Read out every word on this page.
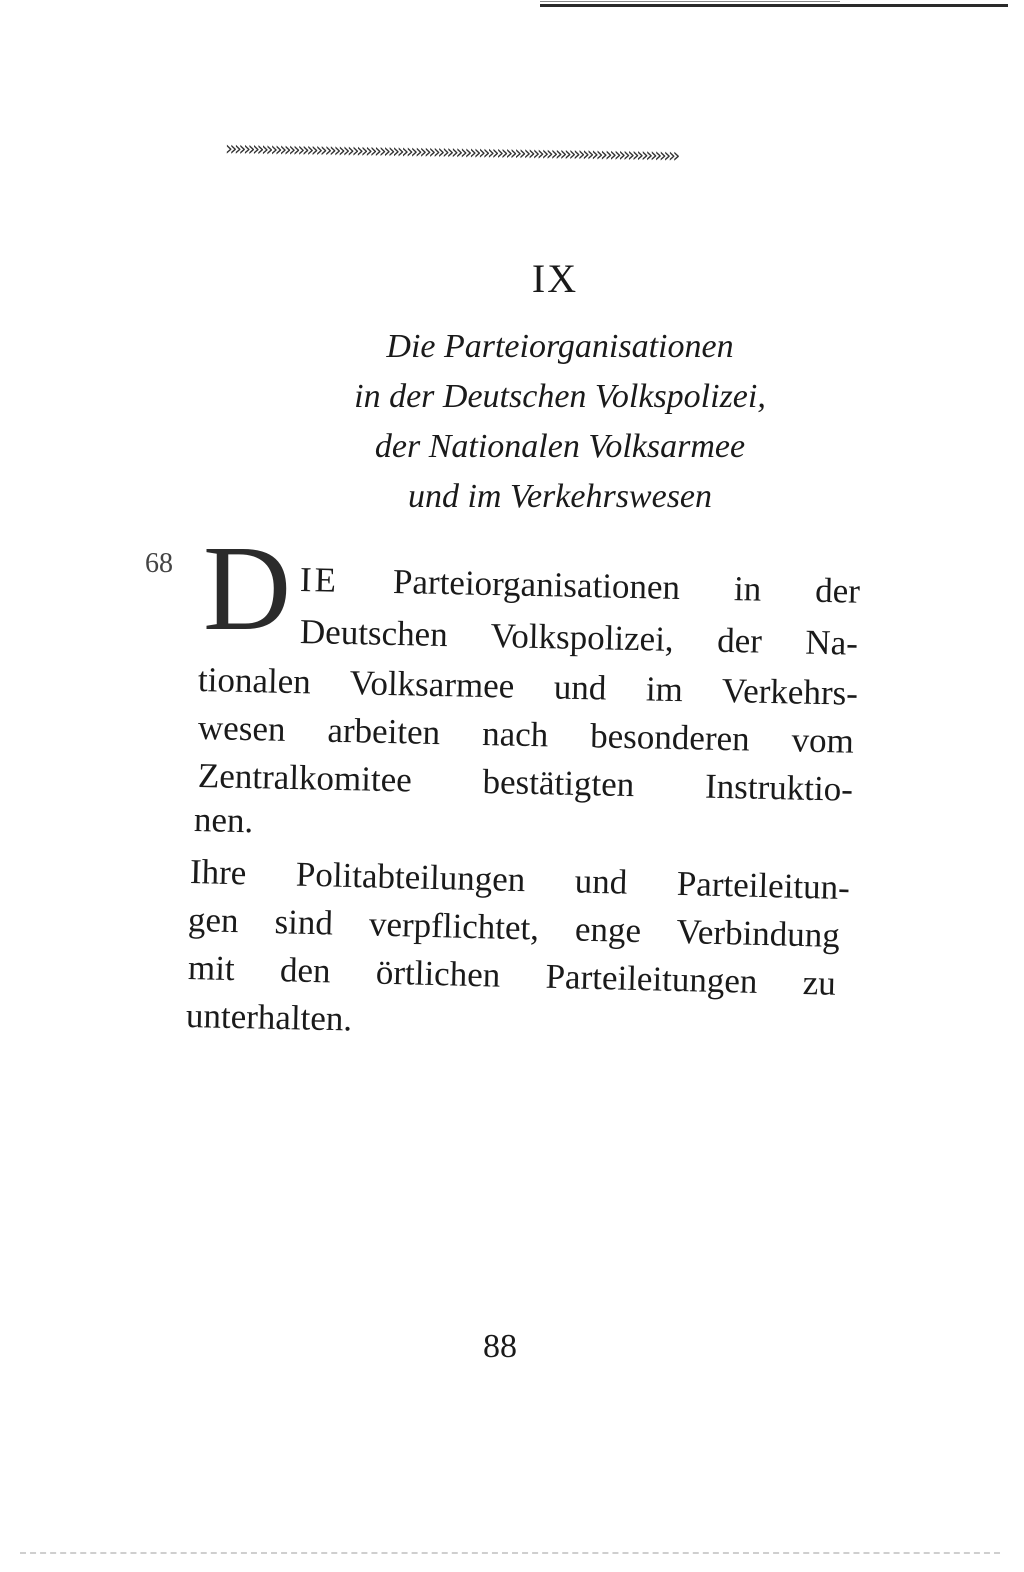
»»»»»»»»»»»»»»»»»»»»»»»»»»»»»»»»»»»»»»»»»»»»»»»»»»
IX
Die Parteiorganisationen
in der Deutschen Volkspolizei,
der Nationalen Volksarmee
und im Verkehrswesen
68 D IE Parteiorganisationen in der
Deutschen Volkspolizei, der Na‑
tionalen Volksarmee und im Verkehrs‑
wesen arbeiten nach besonderen vom
Zentralkomitee bestätigten Instruktio‑
nen.
Ihre Politabteilungen und Parteileitun‑
gen sind verpflichtet, enge Verbindung
mit den örtlichen Parteileitungen zu
unterhalten.
88
